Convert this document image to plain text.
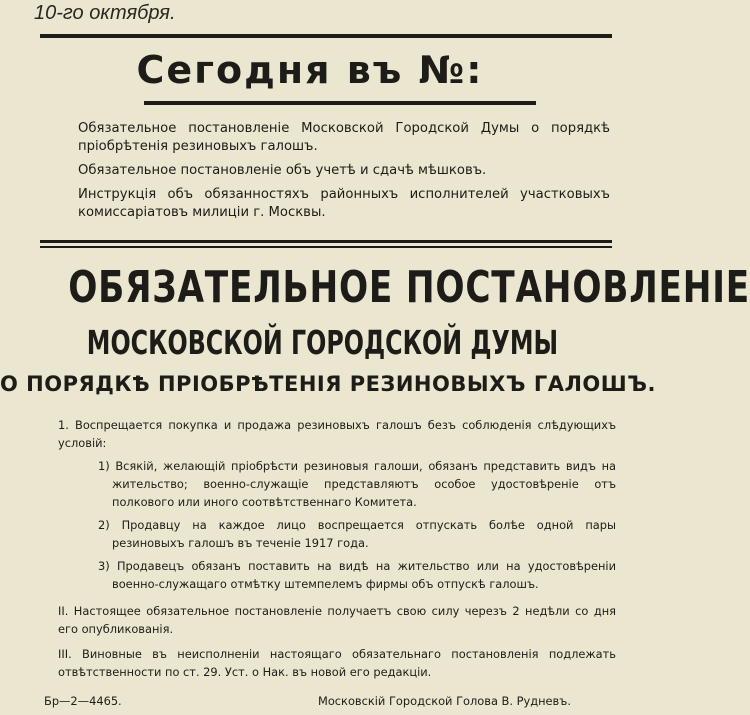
10-го октября.
Сегодня въ №:

Обязательное постановленіе Московской Городской Думы о порядкѣ пріобрѣтенія резиновыхъ галошъ.

Обязательное постановленіе объ учетѣ и сдачѣ мѣшковъ.

Инструкція объ обязанностяхъ районныхъ исполнителей участковыхъ комиссаріатовъ милиціи г. Москвы.

ОБЯЗАТЕЛЬНОЕ ПОСТАНОВЛЕНІЕ
МОСКОВСКОЙ ГОРОДСКОЙ ДУМЫ
О ПОРЯДКѢ ПРІОБРѢТЕНІЯ РЕЗИНОВЫХЪ ГАЛОШЪ.

1. Воспрещается покупка и продажа резиновыхъ галошъ безъ соблюденія слѣдующихъ условій:

1) Всякій, желающій пріобрѣсти резиновыя галоши, обязанъ представить видъ на жительство; военно-служащіе представляютъ особое удостовѣреніе отъ полкового или иного соотвѣтственнаго Комитета.

2) Продавцу на каждое лицо воспрещается отпускать болѣе одной пары резиновыхъ галошъ въ теченіе 1917 года.

3) Продавецъ обязанъ поставить на видѣ на жительство или на удостовѣреніи военно-служащаго отмѣтку штемпелемъ фирмы объ отпускѣ галошъ.

II. Настоящее обязательное постановленіе получаетъ свою силу черезъ 2 недѣли со дня его опубликованія.

III. Виновные въ неисполненіи настоящаго обязательнаго постановленія подлежать отвѣтственности по ст. 29. Уст. о Нак. въ новой его редакціи.

Бр—2—4465.	Московскій Городской Голова В. Рудневъ.
